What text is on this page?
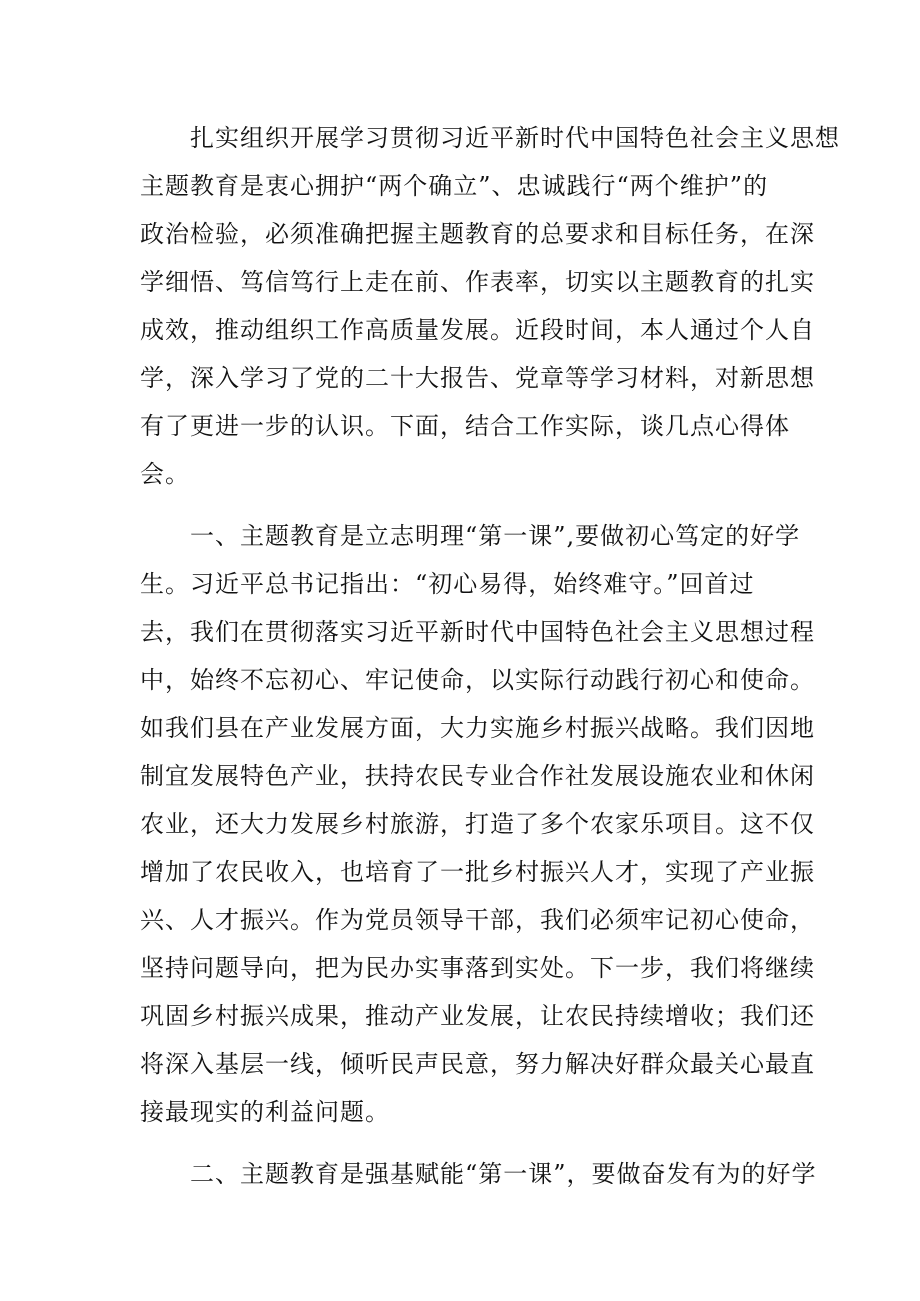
　　扎实组织开展学习贯彻习近平新时代中国特色社会主义思想
主题教育是衷心拥护“两个确立”、忠诚践行“两个维护”的
政治检验，必须准确把握主题教育的总要求和目标任务，在深
学细悟、笃信笃行上走在前、作表率，切实以主题教育的扎实
成效，推动组织工作高质量发展。近段时间，本人通过个人自
学，深入学习了党的二十大报告、党章等学习材料，对新思想
有了更进一步的认识。下面，结合工作实际，谈几点心得体
会。
　　一、主题教育是立志明理“第一课”,要做初心笃定的好学
生。习近平总书记指出：“初心易得，始终难守。”回首过
去，我们在贯彻落实习近平新时代中国特色社会主义思想过程
中，始终不忘初心、牢记使命，以实际行动践行初心和使命。
如我们县在产业发展方面，大力实施乡村振兴战略。我们因地
制宜发展特色产业，扶持农民专业合作社发展设施农业和休闲
农业，还大力发展乡村旅游，打造了多个农家乐项目。这不仅
增加了农民收入，也培育了一批乡村振兴人才，实现了产业振
兴、人才振兴。作为党员领导干部，我们必须牢记初心使命，
坚持问题导向，把为民办实事落到实处。下一步，我们将继续
巩固乡村振兴成果，推动产业发展，让农民持续增收；我们还
将深入基层一线，倾听民声民意，努力解决好群众最关心最直
接最现实的利益问题。
　　二、主题教育是强基赋能“第一课”，要做奋发有为的好学
